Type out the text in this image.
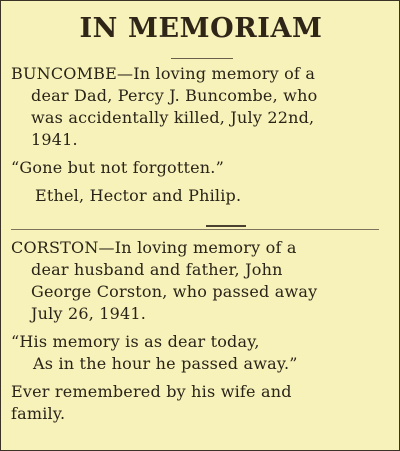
IN MEMORIAM
BUNCOMBE—In loving memory of a
dear Dad, Percy J. Buncombe, who
was accidentally killed, July 22nd,
1941.
“Gone but not forgotten.”
Ethel, Hector and Philip.
CORSTON—In loving memory of a
dear husband and father, John
George Corston, who passed away
July 26, 1941.
“His memory is as dear today,
As in the hour he passed away.”
Ever remembered by his wife and
family.
